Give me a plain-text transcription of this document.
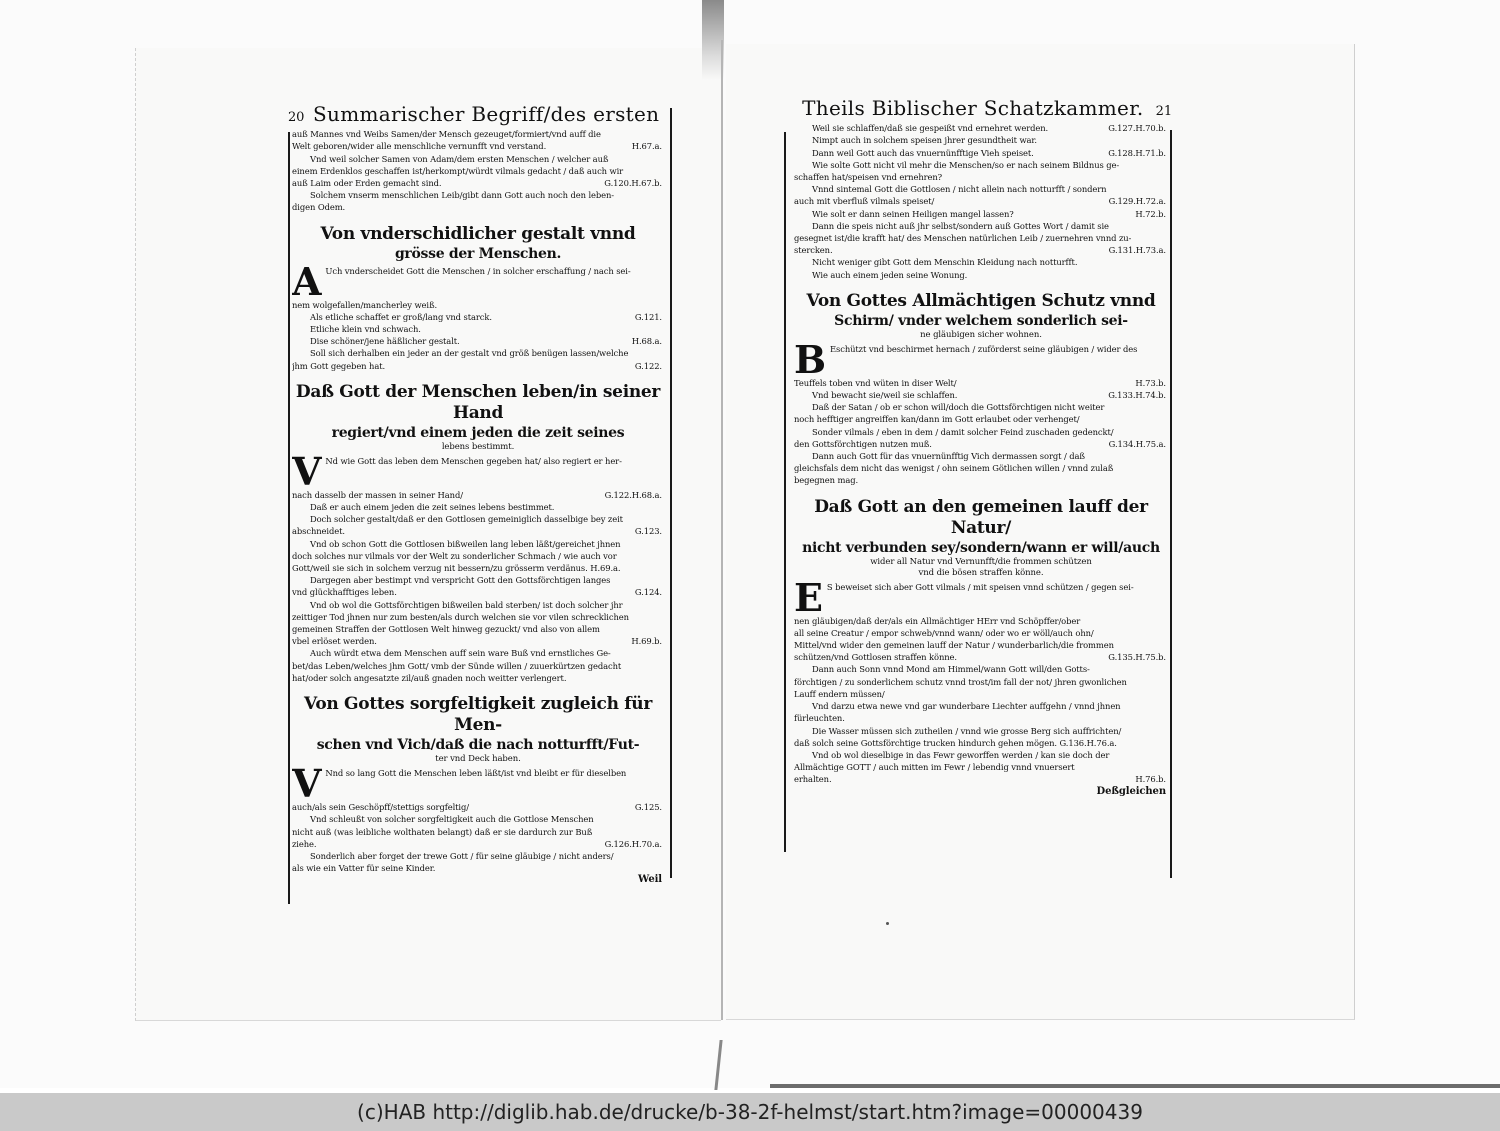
20 Summarischer Begriff/des ersten
auß Mannes vnd Weibs Samen/der Mensch gezeuget/formiert/vnd auff die
Welt geboren/wider alle menschliche vernunfft vnd verstand.	H.67.a.
Vnd weil solcher Samen von Adam/dem ersten Menschen / welcher auß
einem Erdenklos geschaffen ist/herkompt/würdt vilmals gedacht / daß auch wir
auß Laim oder Erden gemacht sind.	G.120.H.67.b.
Solchem vnserm menschlichen Leib/gibt dann Gott auch noch den leben-
digen Odem.
Von vnderschidlicher gestalt vnnd
grösse der Menschen.
A Uch vnderscheidet Gott die Menschen / in solcher erschaffung / nach sei-
nem wolgefallen/mancherley weiß.
Als etliche schaffet er groß/lang vnd starck.	G.121.
Etliche klein vnd schwach.
Dise schöner/jene häßlicher gestalt.	H.68.a.
Soll sich derhalben ein jeder an der gestalt vnd größ benügen lassen/welche
jhm Gott gegeben hat.	G.122.
Daß Gott der Menschen leben/in seiner Hand
regiert/vnd einem jeden die zeit seines
lebens bestimmt.
V Nd wie Gott das leben dem Menschen gegeben hat/ also regiert er her-
nach dasselb der massen in seiner Hand/	G.122.H.68.a.
Daß er auch einem jeden die zeit seines lebens bestimmet.
Doch solcher gestalt/daß er den Gottlosen gemeiniglich dasselbige bey zeit
abschneidet.	G.123.
Vnd ob schon Gott die Gottlosen bißweilen lang leben läßt/gereichet jhnen
doch solches nur vilmals vor der Welt zu sonderlicher Schmach / wie auch vor
Gott/weil sie sich in solchem verzug nit bessern/zu grösserm verdänus. H.69.a.
Dargegen aber bestimpt vnd verspricht Gott den Gottsförchtigen langes
vnd glückhafftiges leben.	G.124.
Vnd ob wol die Gottsförchtigen bißweilen bald sterben/ ist doch solcher jhr
zeittiger Tod jhnen nur zum besten/als durch welchen sie vor vilen schrecklichen
gemeinen Straffen der Gottlosen Welt hinweg gezuckt/ vnd also von allem
vbel erlöset werden.	H.69.b.
Auch würdt etwa dem Menschen auff sein ware Buß vnd ernstliches Ge-
bet/das Leben/welches jhm Gott/ vmb der Sünde willen / zuuerkürtzen gedacht
hat/oder solch angesatzte zil/auß gnaden noch weitter verlengert.
Von Gottes sorgfeltigkeit zugleich für Men-
schen vnd Vich/daß die nach notturfft/Fut-
ter vnd Deck haben.
V Nnd so lang Gott die Menschen leben läßt/ist vnd bleibt er für dieselben
auch/als sein Geschöpff/stettigs sorgfeltig/	G.125.
Vnd schleußt von solcher sorgfeltigkeit auch die Gottlose Menschen
nicht auß (was leibliche wolthaten belangt) daß er sie dardurch zur Buß
ziehe.	G.126.H.70.a.
Sonderlich aber forget der trewe Gott / für seine gläubige / nicht anders/
als wie ein Vatter für seine Kinder.
Weil
Theils Biblischer Schatzkammer. 21
Weil sie schlaffen/daß sie gespeißt vnd ernehret werden.	G.127.H.70.b.
Nimpt auch in solchem speisen jhrer gesundtheit war.
Dann weil Gott auch das vnuernünfftige Vieh speiset.	G.128.H.71.b.
Wie solte Gott nicht vil mehr die Menschen/so er nach seinem Bildnus ge-
schaffen hat/speisen vnd ernehren?
Vnnd sintemal Gott die Gottlosen / nicht allein nach notturfft / sondern
auch mit vberfluß vilmals speiset/	G.129.H.72.a.
Wie solt er dann seinen Heiligen mangel lassen?	H.72.b.
Dann die speis nicht auß jhr selbst/sondern auß Gottes Wort / damit sie
gesegnet ist/die krafft hat/ des Menschen natürlichen Leib / zuernehren vnnd zu-
stercken.	G.131.H.73.a.
Nicht weniger gibt Gott dem Menschin Kleidung nach notturfft.
Wie auch einem jeden seine Wonung.
Von Gottes Allmächtigen Schutz vnnd
Schirm/ vnder welchem sonderlich sei-
ne gläubigen sicher wohnen.
B Eschützt vnd beschirmet hernach / zuförderst seine gläubigen / wider des
Teuffels toben vnd wüten in diser Welt/	H.73.b.
Vnd bewacht sie/weil sie schlaffen.	G.133.H.74.b.
Daß der Satan / ob er schon will/doch die Gottsförchtigen nicht weiter
noch hefftiger angreiffen kan/dann im Gott erlaubet oder verhenget/
Sonder vilmals / eben in dem / damit solcher Feind zuschaden gedenckt/
den Gottsförchtigen nutzen muß.	G.134.H.75.a.
Dann auch Gott für das vnuernünfftig Vich dermassen sorgt / daß
gleichsfals dem nicht das wenigst / ohn seinem Götlichen willen / vnnd zulaß
begegnen mag.
Daß Gott an den gemeinen lauff der Natur/
nicht verbunden sey/sondern/wann er will/auch
wider all Natur vnd Vernunfft/die frommen schützen
vnd die bösen straffen könne.
E S beweiset sich aber Gott vilmals / mit speisen vnnd schützen / gegen sei-
nen gläubigen/daß der/als ein Allmächtiger HErr vnd Schöpffer/ober
all seine Creatur / empor schweb/vnnd wann/ oder wo er wöll/auch ohn/
Mittel/vnd wider den gemeinen lauff der Natur / wunderbarlich/die frommen
schützen/vnd Gottlosen straffen könne.	G.135.H.75.b.
Dann auch Sonn vnnd Mond am Himmel/wann Gott will/den Gotts-
förchtigen / zu sonderlichem schutz vnnd trost/im fall der not/ jhren gwonlichen
Lauff endern müssen/
Vnd darzu etwa newe vnd gar wunderbare Liechter auffgehn / vnnd jhnen
fürleuchten.
Die Wasser müssen sich zutheilen / vnnd wie grosse Berg sich auffrichten/
daß solch seine Gottsförchtige trucken hindurch gehen mögen. G.136.H.76.a.
Vnd ob wol dieselbige in das Fewr geworffen werden / kan sie doch der
Allmächtige GOTT / auch mitten im Fewr / lebendig vnnd vnuersert
erhalten.	H.76.b.
Deßgleichen
(c)HAB http://diglib.hab.de/drucke/b-38-2f-helmst/start.htm?image=00000439
